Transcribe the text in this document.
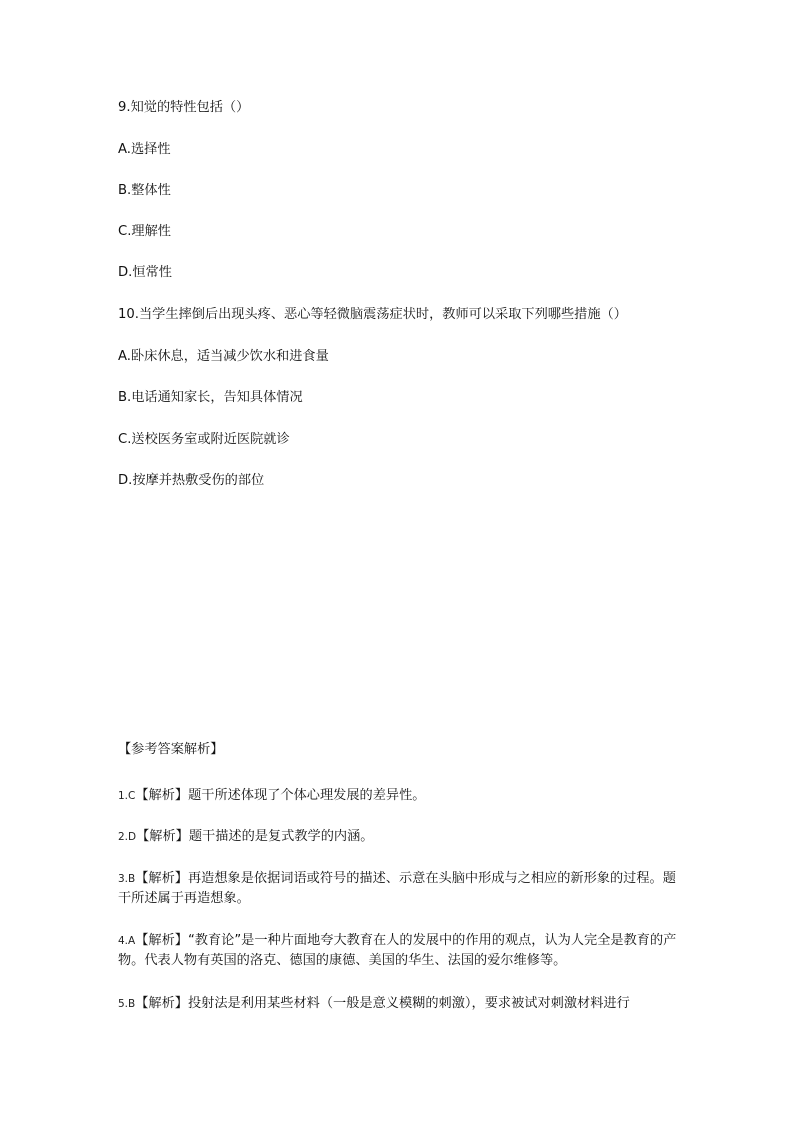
9.知觉的特性包括（）
A.选择性
B.整体性
C.理解性
D.恒常性
10.当学生摔倒后出现头疼、恶心等轻微脑震荡症状时，教师可以采取下列哪些措施（）
A.卧床休息，适当减少饮水和进食量
B.电话通知家长，告知具体情况
C.送校医务室或附近医院就诊
D.按摩并热敷受伤的部位
【参考答案解析】
1.C【解析】题干所述体现了个体心理发展的差异性。
2.D【解析】题干描述的是复式教学的内涵。
3.B【解析】再造想象是依据词语或符号的描述、示意在头脑中形成与之相应的新形象的过程。题干所述属于再造想象。
4.A【解析】“教育论”是一种片面地夸大教育在人的发展中的作用的观点，认为人完全是教育的产物。代表人物有英国的洛克、德国的康德、美国的华生、法国的爱尔维修等。
5.B【解析】投射法是利用某些材料（一般是意义模糊的刺激），要求被试对刺激材料进行
